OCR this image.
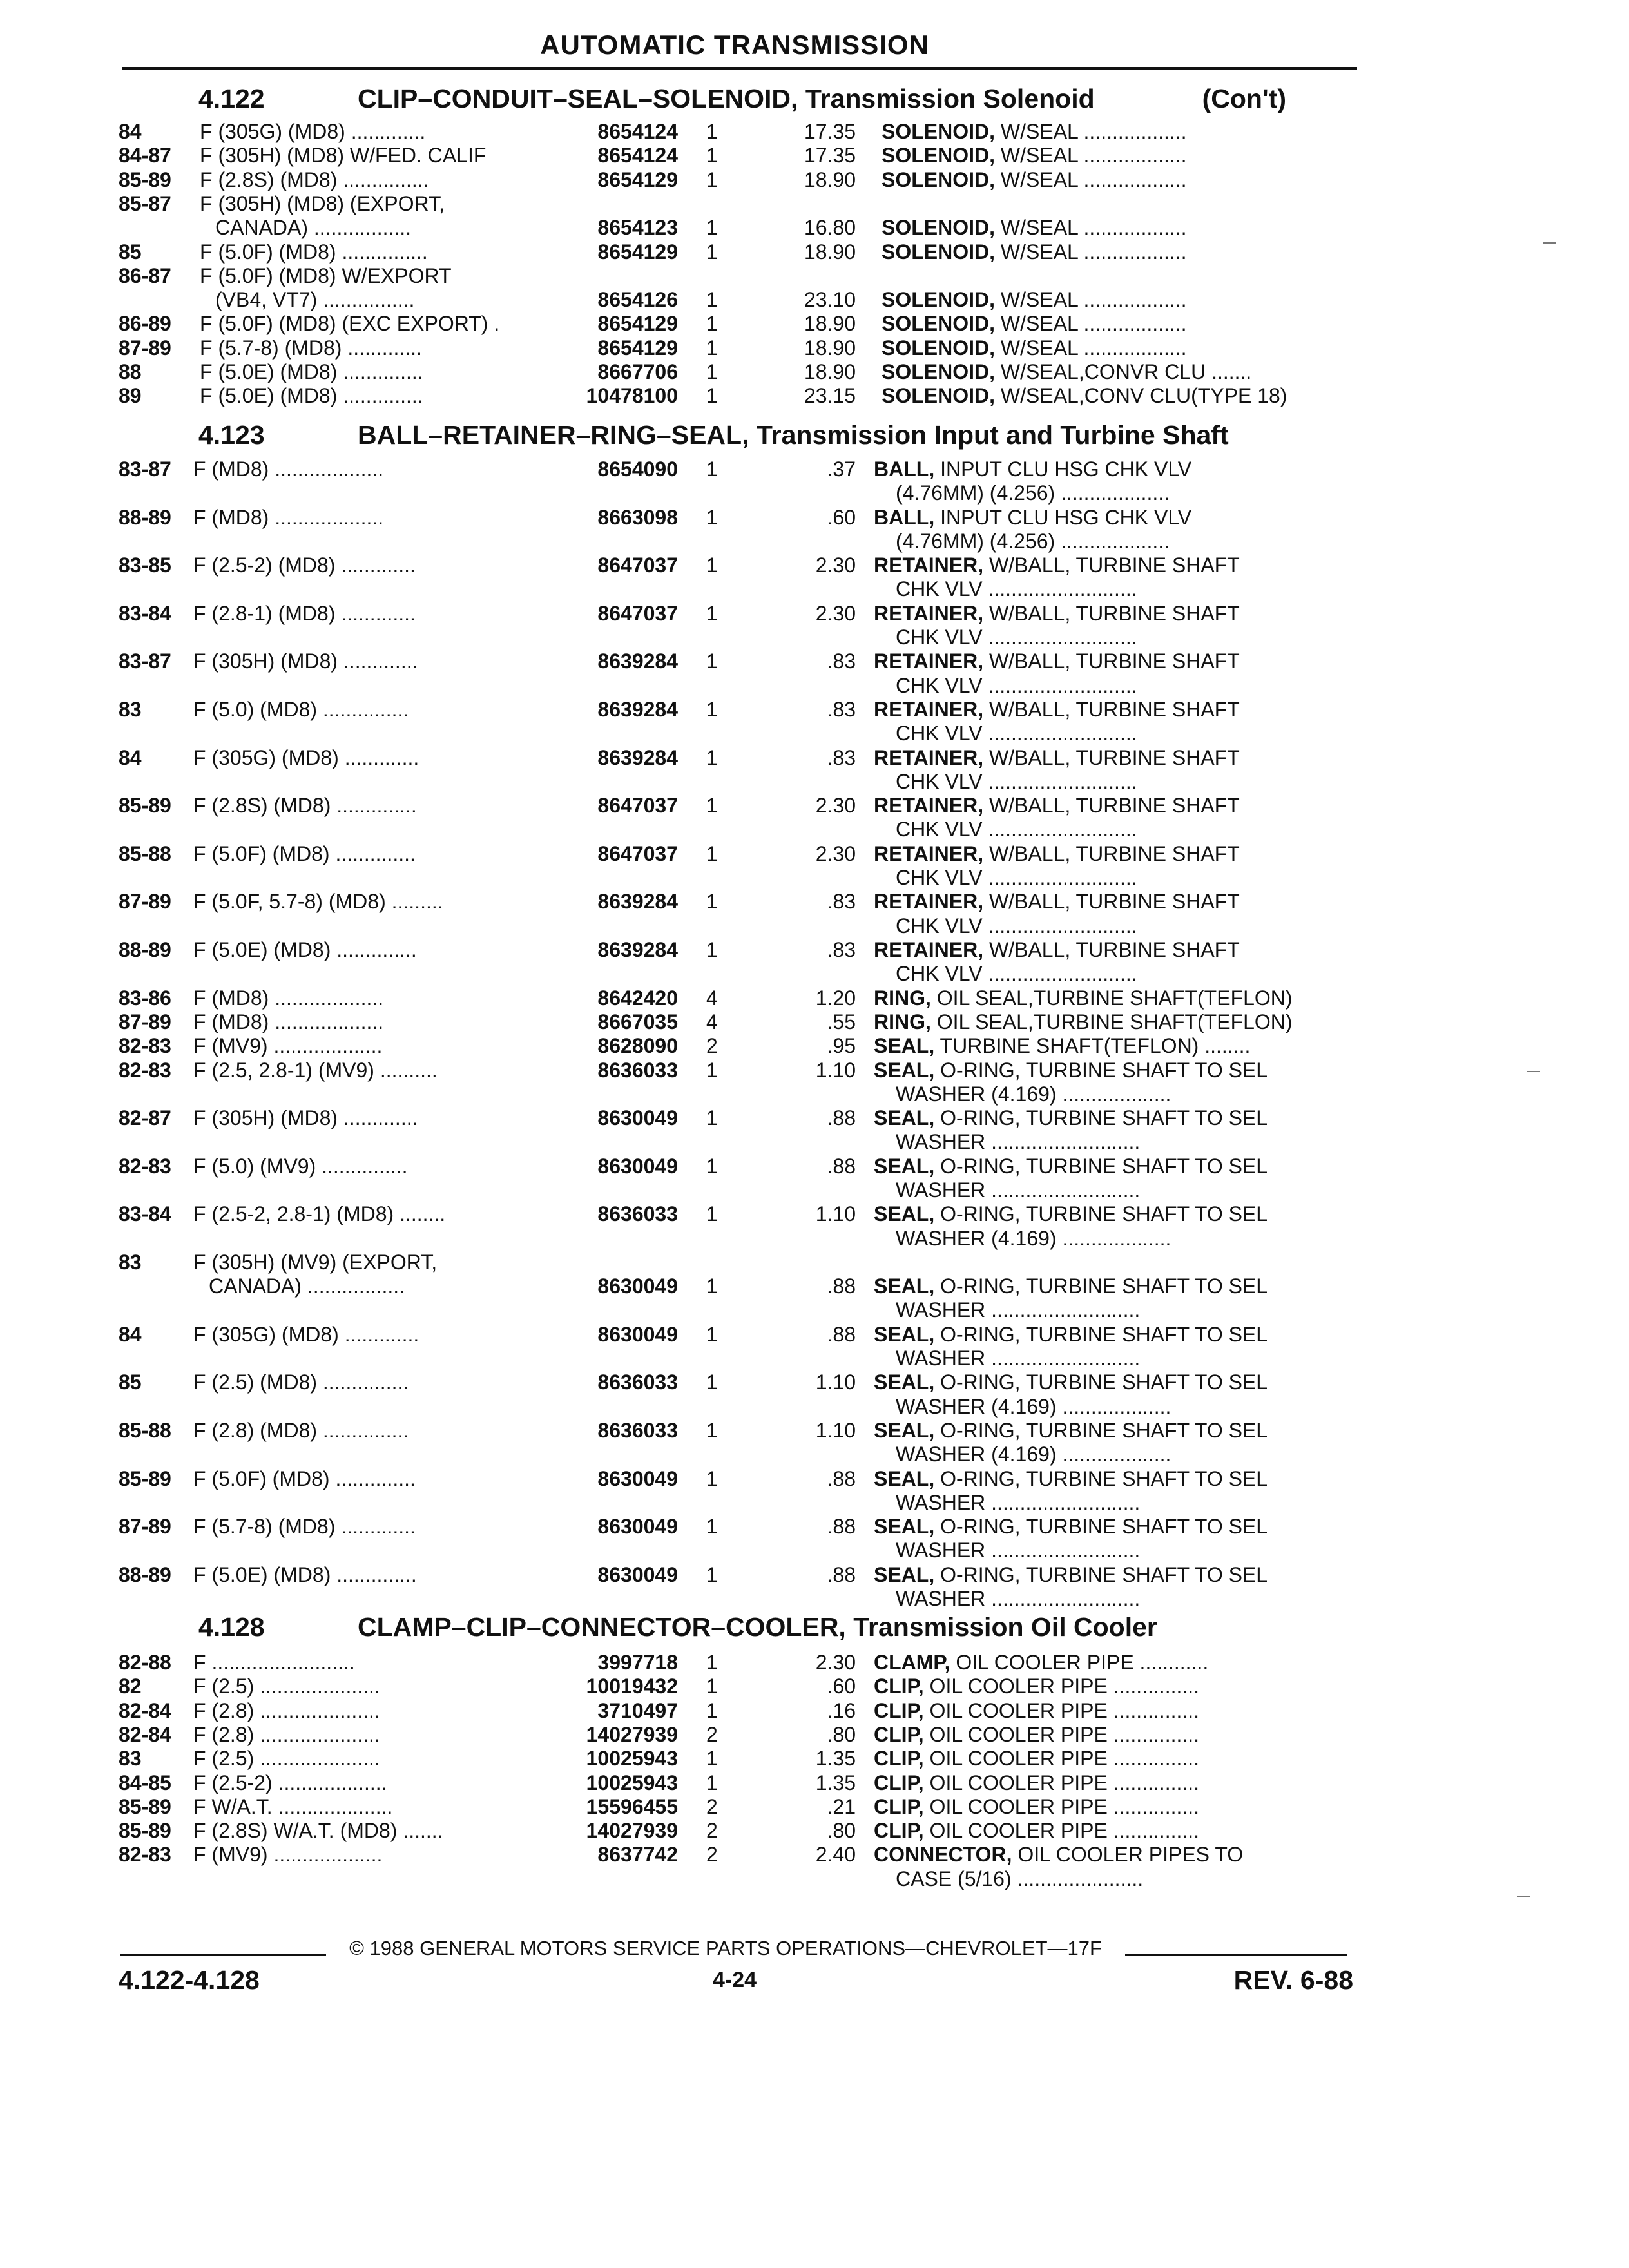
AUTOMATIC TRANSMISSION
4.122	CLIP–CONDUIT–SEAL–SOLENOID, Transmission Solenoid	(Con't)
84	F (305G) (MD8) .............	8654124 1	17.35 SOLENOID, W/SEAL ..................
84-87 F (305H) (MD8) W/FED. CALIF	8654124 1	17.35 SOLENOID, W/SEAL ..................
85-89 F (2.8S) (MD8) ...............	8654129 1	18.90 SOLENOID, W/SEAL ..................
85-87 F (305H) (MD8) (EXPORT,
CANADA) .................	8654123 1	16.80 SOLENOID, W/SEAL ..................
85	F (5.0F) (MD8) ...............	8654129 1	18.90 SOLENOID, W/SEAL ..................
86-87 F (5.0F) (MD8) W/EXPORT
(VB4, VT7) ................	8654126 1	23.10 SOLENOID, W/SEAL ..................
86-89 F (5.0F) (MD8) (EXC EXPORT) .	8654129 1	18.90 SOLENOID, W/SEAL ..................
87-89 F (5.7-8) (MD8) .............	8654129 1	18.90 SOLENOID, W/SEAL ..................
88	F (5.0E) (MD8) ..............	8667706 1	18.90 SOLENOID, W/SEAL,CONVR CLU .......
89	F (5.0E) (MD8) ..............	10478100 1	23.15 SOLENOID, W/SEAL,CONV CLU(TYPE 18)
4.123	BALL–RETAINER–RING–SEAL, Transmission Input and Turbine Shaft
83-87 F (MD8) ...................	8654090 1	.37 BALL, INPUT CLU HSG CHK VLV
(4.76MM) (4.256) ...................
88-89 F (MD8) ...................	8663098 1	.60 BALL, INPUT CLU HSG CHK VLV
(4.76MM) (4.256) ...................
83-85 F (2.5-2) (MD8) .............	8647037 1	2.30 RETAINER, W/BALL, TURBINE SHAFT
CHK VLV ..........................
83-84 F (2.8-1) (MD8) .............	8647037 1	2.30 RETAINER, W/BALL, TURBINE SHAFT
CHK VLV ..........................
83-87 F (305H) (MD8) .............	8639284 1	.83 RETAINER, W/BALL, TURBINE SHAFT
CHK VLV ..........................
83	F (5.0) (MD8) ...............	8639284 1	.83 RETAINER, W/BALL, TURBINE SHAFT
CHK VLV ..........................
84	F (305G) (MD8) .............	8639284 1	.83 RETAINER, W/BALL, TURBINE SHAFT
CHK VLV ..........................
85-89 F (2.8S) (MD8) ..............	8647037 1	2.30 RETAINER, W/BALL, TURBINE SHAFT
CHK VLV ..........................
85-88 F (5.0F) (MD8) ..............	8647037 1	2.30 RETAINER, W/BALL, TURBINE SHAFT
CHK VLV ..........................
87-89 F (5.0F, 5.7-8) (MD8) .........	8639284 1	.83 RETAINER, W/BALL, TURBINE SHAFT
CHK VLV ..........................
88-89 F (5.0E) (MD8) ..............	8639284 1	.83 RETAINER, W/BALL, TURBINE SHAFT
CHK VLV ..........................
83-86 F (MD8) ...................	8642420 4	1.20 RING, OIL SEAL,TURBINE SHAFT(TEFLON)
87-89 F (MD8) ...................	8667035 4	.55 RING, OIL SEAL,TURBINE SHAFT(TEFLON)
82-83 F (MV9) ...................	8628090 2	.95 SEAL, TURBINE SHAFT(TEFLON) ........
82-83 F (2.5, 2.8-1) (MV9) ..........	8636033 1	1.10 SEAL, O-RING, TURBINE SHAFT TO SEL
WASHER (4.169) ...................
82-87 F (305H) (MD8) .............	8630049 1	.88 SEAL, O-RING, TURBINE SHAFT TO SEL
WASHER ..........................
82-83 F (5.0) (MV9) ...............	8630049 1	.88 SEAL, O-RING, TURBINE SHAFT TO SEL
WASHER ..........................
83-84 F (2.5-2, 2.8-1) (MD8) ........	8636033 1	1.10 SEAL, O-RING, TURBINE SHAFT TO SEL
WASHER (4.169) ...................
83	F (305H) (MV9) (EXPORT,
CANADA) .................	8630049 1	.88 SEAL, O-RING, TURBINE SHAFT TO SEL
WASHER ..........................
84	F (305G) (MD8) .............	8630049 1	.88 SEAL, O-RING, TURBINE SHAFT TO SEL
WASHER ..........................
85	F (2.5) (MD8) ...............	8636033 1	1.10 SEAL, O-RING, TURBINE SHAFT TO SEL
WASHER (4.169) ...................
85-88 F (2.8) (MD8) ...............	8636033 1	1.10 SEAL, O-RING, TURBINE SHAFT TO SEL
WASHER (4.169) ...................
85-89 F (5.0F) (MD8) ..............	8630049 1	.88 SEAL, O-RING, TURBINE SHAFT TO SEL
WASHER ..........................
87-89 F (5.7-8) (MD8) .............	8630049 1	.88 SEAL, O-RING, TURBINE SHAFT TO SEL
WASHER ..........................
88-89 F (5.0E) (MD8) ..............	8630049 1	.88 SEAL, O-RING, TURBINE SHAFT TO SEL
WASHER ..........................
4.128	CLAMP–CLIP–CONNECTOR–COOLER, Transmission Oil Cooler
82-88 F .........................	3997718 1	2.30 CLAMP, OIL COOLER PIPE ............
82	F (2.5) .....................	10019432 1	.60 CLIP, OIL COOLER PIPE ...............
82-84 F (2.8) .....................	3710497 1	.16 CLIP, OIL COOLER PIPE ...............
82-84 F (2.8) .....................	14027939 2	.80 CLIP, OIL COOLER PIPE ...............
83	F (2.5) .....................	10025943 1	1.35 CLIP, OIL COOLER PIPE ...............
84-85 F (2.5-2) ...................	10025943 1	1.35 CLIP, OIL COOLER PIPE ...............
85-89 F W/A.T. ....................	15596455 2	.21 CLIP, OIL COOLER PIPE ...............
85-89 F (2.8S) W/A.T. (MD8) .......	14027939 2	.80 CLIP, OIL COOLER PIPE ...............
82-83 F (MV9) ...................	8637742 2	2.40 CONNECTOR, OIL COOLER PIPES TO
CASE (5/16) ......................
© 1988 GENERAL MOTORS SERVICE PARTS OPERATIONS—CHEVROLET—17F
4.122-4.128	4-24	REV. 6-88
